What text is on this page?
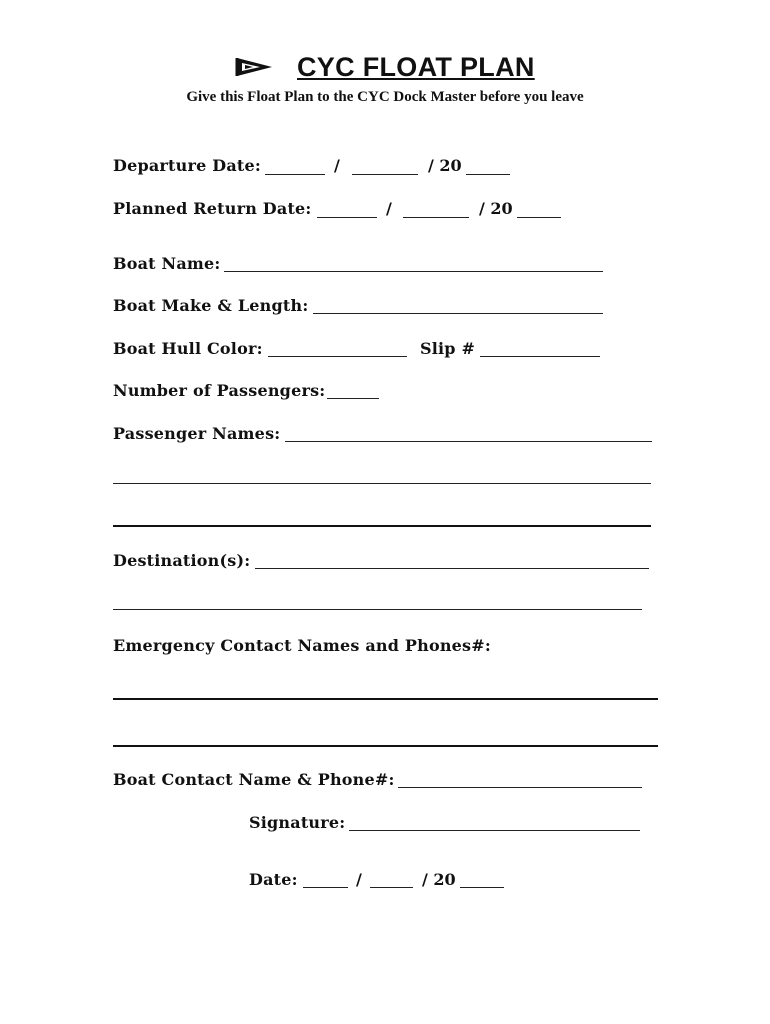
CYC FLOAT PLAN
Give this Float Plan to the CYC Dock Master before you leave
Departure Date:	/	/ 20
Planned Return Date:	/	/ 20
Boat Name:
Boat Make & Length:
Boat Hull Color:	Slip #
Number of Passengers:
Passenger Names:
Destination(s):
Emergency Contact Names and Phones#:
Boat Contact Name & Phone#:
Signature:
Date:	/	/ 20
